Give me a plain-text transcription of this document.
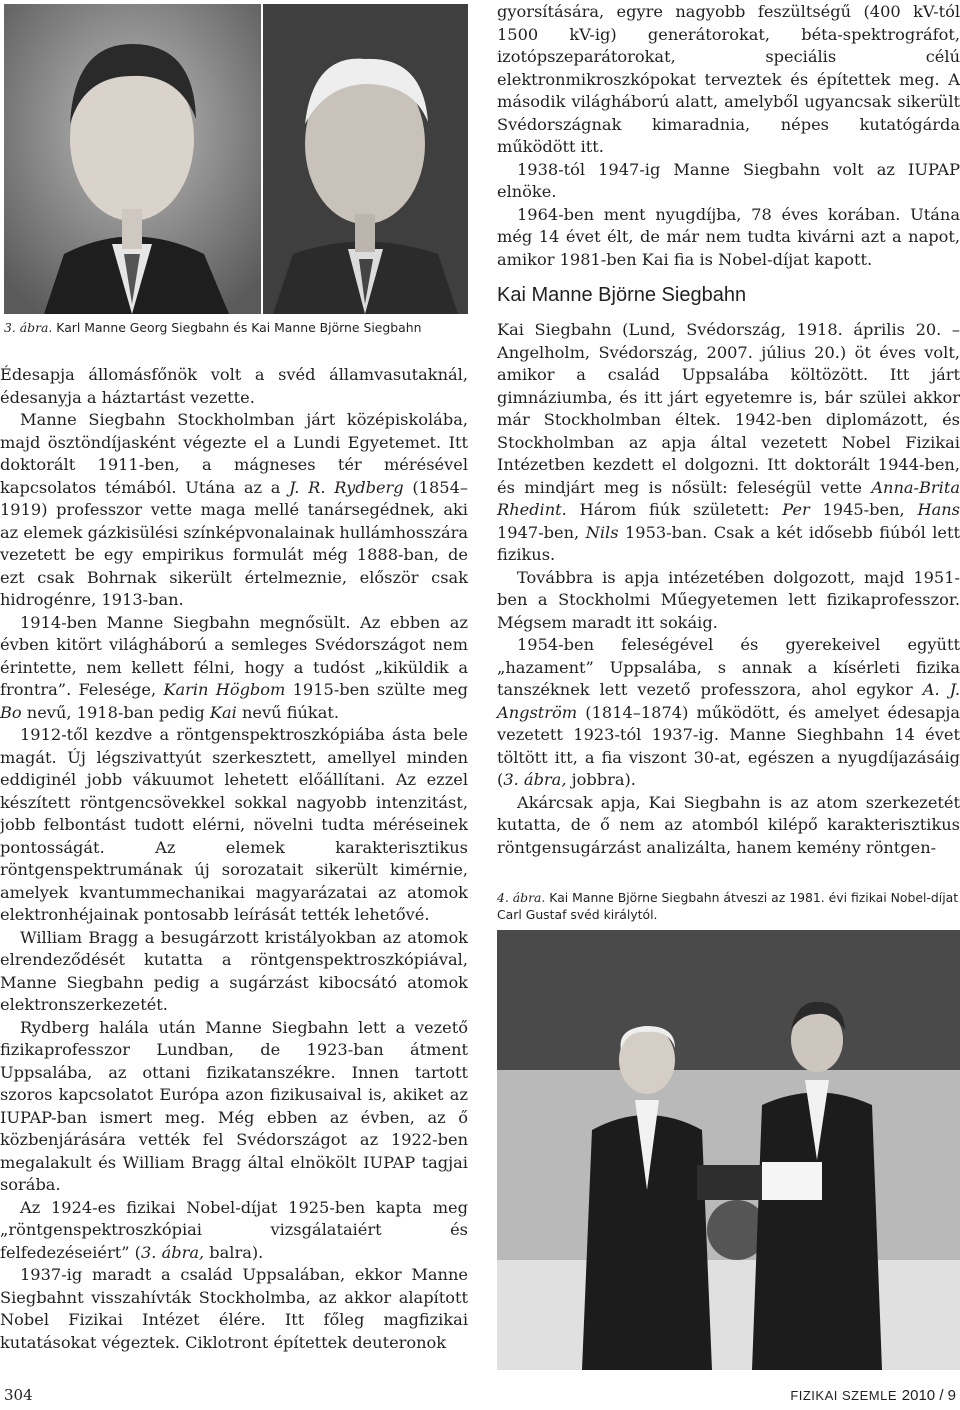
3. ábra. Karl Manne Georg Siegbahn és Kai Manne Björne Siegbahn

Édesapja állomásfőnök volt a svéd államvasutaknál, édesanyja a háztartást vezette.

Manne Siegbahn Stockholmban járt középiskolába, majd ösztöndíjasként végezte el a Lundi Egyetemet. Itt doktorált 1911-ben, a mágneses tér mérésével kapcsolatos témából. Utána az a J. R. Rydberg (1854–1919) professzor vette maga mellé tanársegédnek, aki az elemek gázkisülési színképvonalainak hullámhosszára vezetett be egy empirikus formulát még 1888-ban, de ezt csak Bohrnak sikerült értelmeznie, először csak hidrogénre, 1913-ban.

1914-ben Manne Siegbahn megnősült. Az ebben az évben kitört világháború a semleges Svédországot nem érintette, nem kellett félni, hogy a tudóst „kiküldik a frontra”. Felesége, Karin Högbom 1915-ben szülte meg Bo nevű, 1918-ban pedig Kai nevű fiúkat.

1912-től kezdve a röntgenspektroszkópiába ásta bele magát. Új légszivattyút szerkesztett, amellyel minden eddiginél jobb vákuumot lehetett előállítani. Az ezzel készített röntgencsövekkel sokkal nagyobb intenzitást, jobb felbontást tudott elérni, növelni tudta méréseinek pontosságát. Az elemek karakterisztikus röntgenspektrumának új sorozatait sikerült kimérnie, amelyek kvantummechanikai magyarázatai az atomok elektronhéjainak pontosabb leírását tették lehetővé.

William Bragg a besugárzott kristályokban az atomok elrendeződését kutatta a röntgenspektroszkópiával, Manne Siegbahn pedig a sugárzást kibocsátó atomok elektronszerkezetét.

Rydberg halála után Manne Siegbahn lett a vezető fizikaprofesszor Lundban, de 1923-ban átment Uppsalába, az ottani fizikatanszékre. Innen tartott szoros kapcsolatot Európa azon fizikusaival is, akiket az IUPAP-ban ismert meg. Még ebben az évben, az ő közbenjárására vették fel Svédországot az 1922-ben megalakult és William Bragg által elnökölt IUPAP tagjai sorába.

Az 1924-es fizikai Nobel-díjat 1925-ben kapta meg „röntgenspektroszkópiai vizsgálataiért és felfedezéseiért” (3. ábra, balra).

1937-ig maradt a család Uppsalában, ekkor Manne Siegbahnt visszahívták Stockholmba, az akkor alapított Nobel Fizikai Intézet élére. Itt főleg magfizikai kutatásokat végeztek. Ciklotront építettek deuteronok

gyorsítására, egyre nagyobb feszültségű (400 kV-tól 1500 kV-ig) generátorokat, béta-spektrográfot, izotópszeparátorokat, speciális célú elektronmikroszkópokat terveztek és építettek meg. A második világháború alatt, amelyből ugyancsak sikerült Svédországnak kimaradnia, népes kutatógárda működött itt.

1938-tól 1947-ig Manne Siegbahn volt az IUPAP elnöke.

1964-ben ment nyugdíjba, 78 éves korában. Utána még 14 évet élt, de már nem tudta kivárni azt a napot, amikor 1981-ben Kai fia is Nobel-díjat kapott.

Kai Manne Björne Siegbahn

Kai Siegbahn (Lund, Svédország, 1918. április 20. – Angelholm, Svédország, 2007. július 20.) öt éves volt, amikor a család Uppsalába költözött. Itt járt gimnáziumba, és itt járt egyetemre is, bár szülei akkor már Stockholmban éltek. 1942-ben diplomázott, és Stockholmban az apja által vezetett Nobel Fizikai Intézetben kezdett el dolgozni. Itt doktorált 1944-ben, és mindjárt meg is nősült: feleségül vette Anna-Brita Rhedint. Három fiúk született: Per 1945-ben, Hans 1947-ben, Nils 1953-ban. Csak a két idősebb fiúból lett fizikus.

Továbbra is apja intézetében dolgozott, majd 1951-ben a Stockholmi Műegyetemen lett fizikaprofesszor. Mégsem maradt itt sokáig.

1954-ben feleségével és gyerekeivel együtt „hazament” Uppsalába, s annak a kísérleti fizika tanszéknek lett vezető professzora, ahol egykor A. J. Angström (1814–1874) működött, és amelyet édesapja vezetett 1923-tól 1937-ig. Manne Sieghbahn 14 évet töltött itt, a fia viszont 30-at, egészen a nyugdíjazásáig (3. ábra, jobbra).

Akárcsak apja, Kai Siegbahn is az atom szerkezetét kutatta, de ő nem az atomból kilépő karakterisztikus röntgensugárzást analizálta, hanem kemény röntgen-

4. ábra. Kai Manne Björne Siegbahn átveszi az 1981. évi fizikai Nobel-díjat Carl Gustaf svéd királytól.
304	FIZIKAI SZEMLE 2010 / 9
